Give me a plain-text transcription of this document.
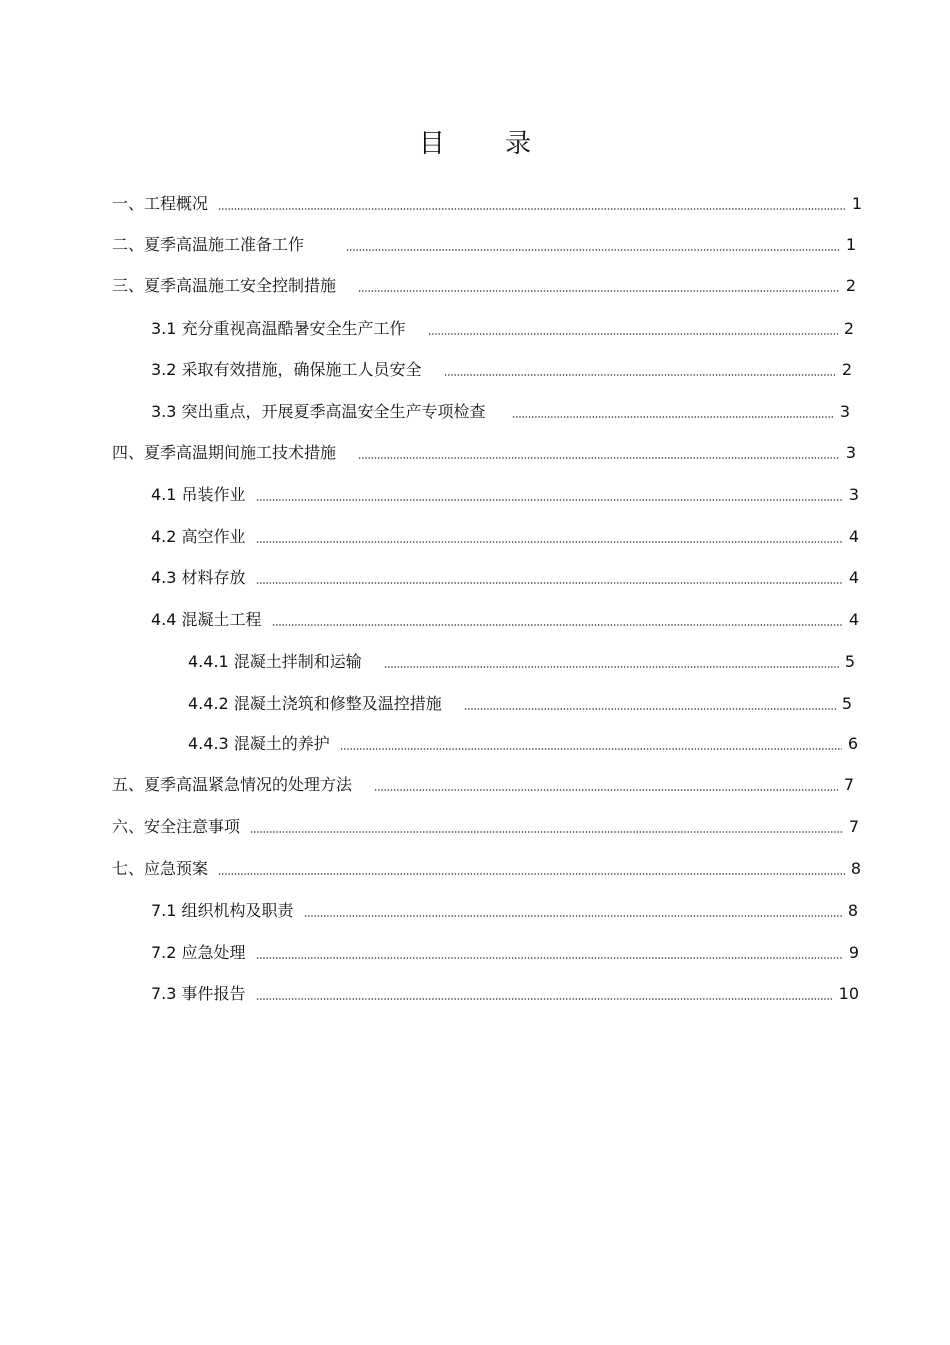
目 录
一、工程概况	1
二、夏季高温施工准备工作	1
三、夏季高温施工安全控制措施	2
3.1 充分重视高温酷暑安全生产工作	2
3.2 采取有效措施，确保施工人员安全	2
3.3 突出重点，开展夏季高温安全生产专项检查	3
四、夏季高温期间施工技术措施	3
4.1 吊装作业	3
4.2 高空作业	4
4.3 材料存放	4
4.4 混凝土工程	4
4.4.1 混凝土拌制和运输	5
4.4.2 混凝土浇筑和修整及温控措施	5
4.4.3 混凝土的养护	6
五、夏季高温紧急情况的处理方法	7
六、安全注意事项	7
七、应急预案	8
7.1 组织机构及职责	8
7.2 应急处理	9
7.3 事件报告	10
